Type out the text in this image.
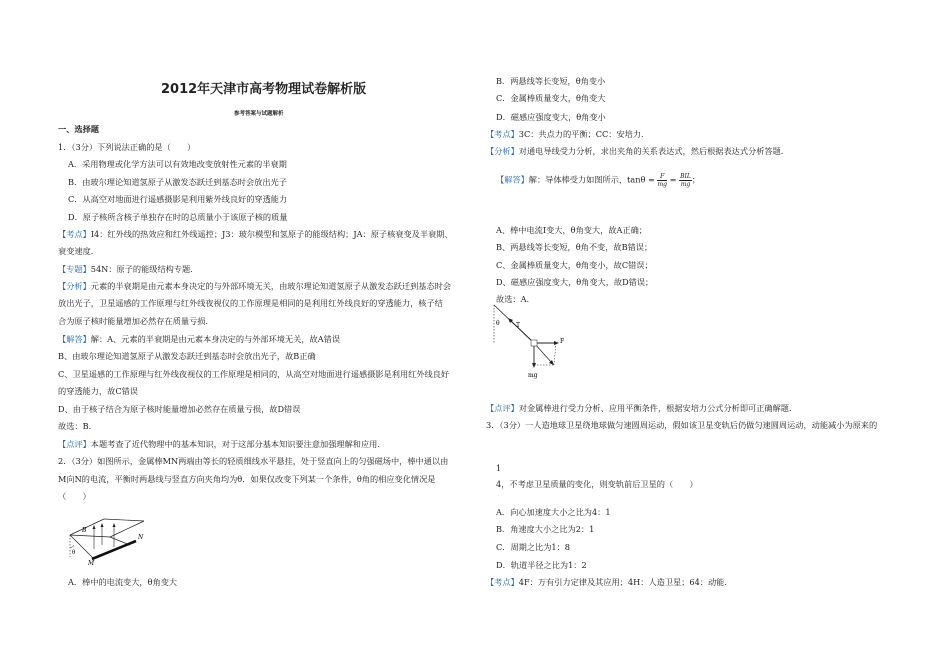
2012年天津市高考物理试卷解析版
参考答案与试题解析
一、选择题
1．（3分）下列说法正确的是（　　）
A．采用物理或化学方法可以有效地改变放射性元素的半衰期
B．由玻尔理论知道氢原子从激发态跃迁到基态时会放出光子
C．从高空对地面进行遥感摄影是利用紫外线良好的穿透能力
D．原子核所含核子单独存在时的总质量小于该原子核的质量
【考点】I4：红外线的热效应和红外线遥控；J3：玻尔模型和氢原子的能级结构；JA：原子核衰变及半衰期、
衰变速度.
【专题】54N：原子的能级结构专题.
【分析】元素的半衰期是由元素本身决定的与外部环境无关，由玻尔理论知道氢原子从激发态跃迁到基态时会
放出光子，卫星遥感的工作原理与红外线夜视仪的工作原理是相同的是利用红外线良好的穿透能力，核子结
合为原子核时能量增加必然存在质量亏损.
【解答】解：A、元素的半衰期是由元素本身决定的与外部环境无关，故A错误
B、由玻尔理论知道氢原子从激发态跃迁到基态时会放出光子，故B正确
C、卫星遥感的工作原理与红外线夜视仪的工作原理是相同的，从高空对地面进行遥感摄影是利用红外线良好
的穿透能力，故C错误
D、由于核子结合为原子核时能量增加必然存在质量亏损，故D错误
故选：B.
【点评】本题考查了近代物理中的基本知识，对于这部分基本知识要注意加强理解和应用.
2．（3分）如图所示，金属棒MN两端由等长的轻质细线水平悬挂，处于竖直向上的匀强磁场中，棒中通以由
M向N的电流，平衡时两悬线与竖直方向夹角均为θ．如果仅改变下列某一个条件，θ角的相应变化情况是
（　　）
A．棒中的电流变大，θ角变大
B
θ
M
N
B．两悬线等长变短，θ角变小
C．金属棒质量变大，θ角变大
D．磁感应强度变大，θ角变小
【考点】3C：共点力的平衡；CC：安培力.
【分析】对通电导线受力分析，求出夹角的关系表达式，然后根据表达式分析答题.
A、棒中电流I变大，θ角变大，故A正确；
B、两悬线等长变短，θ角不变，故B错误；
C、金属棒质量变大，θ角变小，故C错误；
D、磁感应强度变大，θ角变大，故D错误；
故选：A.
【点评】对金属棒进行受力分析、应用平衡条件，根据安培力公式分析即可正确解题.
3．（3分）一人造地球卫星绕地球做匀速圆周运动，假如该卫星变轨后仍做匀速圆周运动，动能减小为原来的
1
4，不考虑卫星质量的变化，则变轨前后卫星的（　　）
A．向心加速度大小之比为4：1
B．角速度大小之比为2：1
C．周期之比为1：8
D．轨道半径之比为1：2
【考点】4F：万有引力定律及其应用；4H：人造卫星；64：动能.
【解答】解：导体棒受力如图所示，$\tan\theta = \frac{F}{mg} = \frac{\text{BIL}}{mg}$ ；
θ	T
F
mg
